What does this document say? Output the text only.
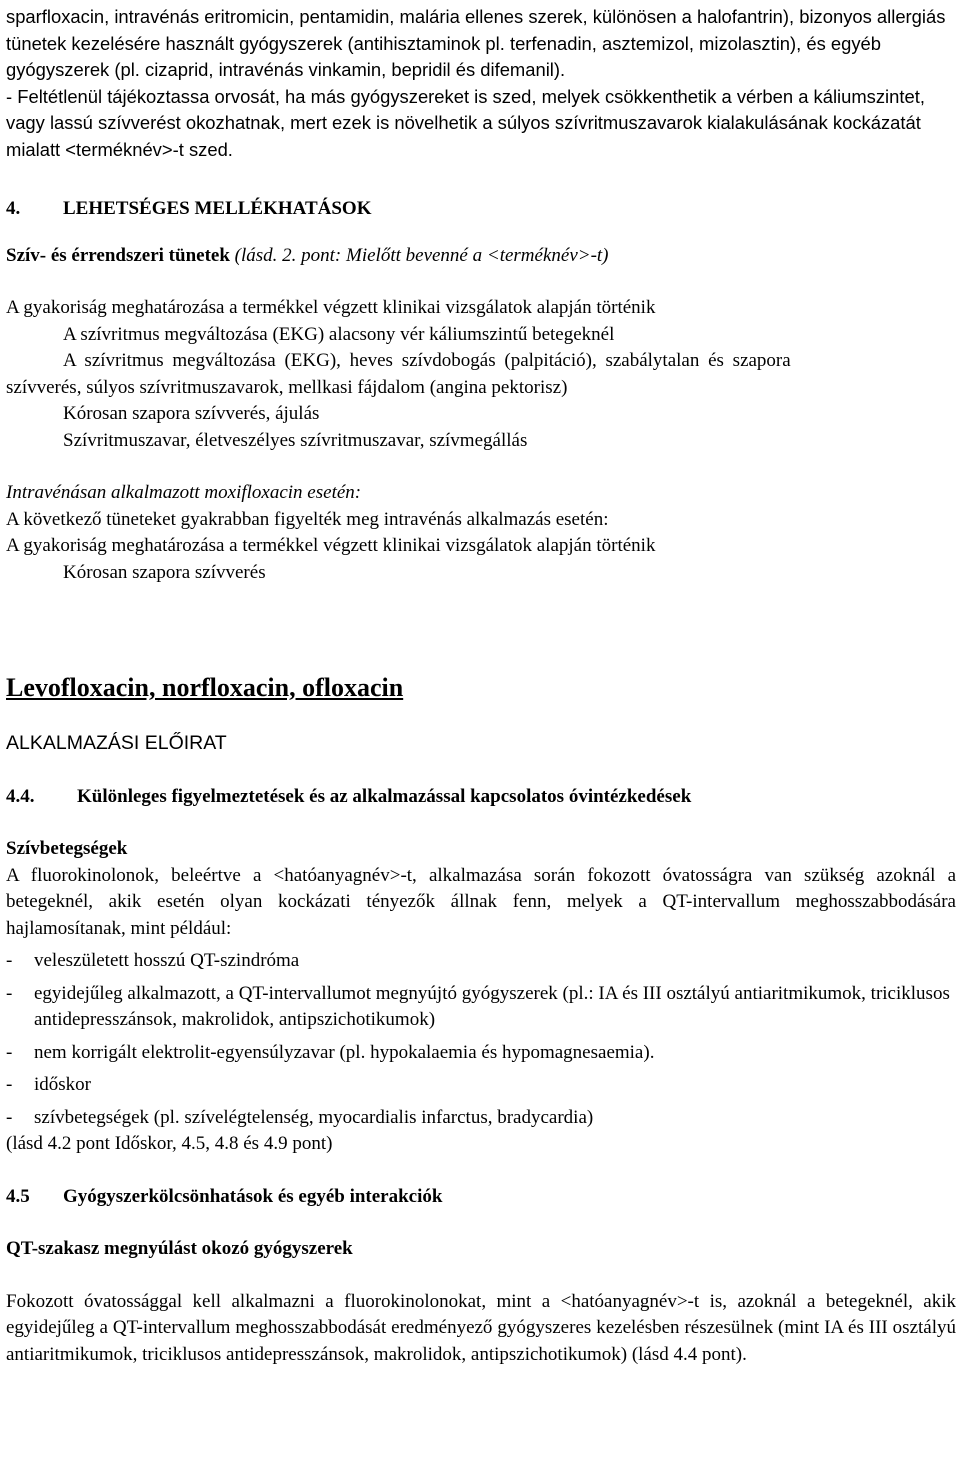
sparfloxacin, intravénás eritromicin, pentamidin, malária ellenes szerek, különösen a halofantrin), bizonyos allergiás tünetek kezelésére használt gyógyszerek (antihisztaminok pl. terfenadin, asztemizol, mizolasztin), és egyéb gyógyszerek (pl. cizaprid, intravénás vinkamin, bepridil és difemanil).

- Feltétlenül tájékoztassa orvosát, ha más gyógyszereket is szed, melyek csökkenthetik a vérben a káliumszintet, vagy lassú szívverést okozhatnak, mert ezek is növelhetik a súlyos szívritmuszavarok kialakulásának kockázatát mialatt <terméknév>-t szed.

4.	LEHETSÉGES MELLÉKHATÁSOK

Szív- és érrendszeri tünetek (lásd. 2. pont: Mielőtt bevenné a <terméknév>-t)

A gyakoriság meghatározása a termékkel végzett klinikai vizsgálatok alapján történik

A szívritmus megváltozása (EKG) alacsony vér káliumszintű betegeknél

A szívritmus megváltozása (EKG), heves szívdobogás (palpitáció), szabálytalan és szapora

szívverés, súlyos szívritmuszavarok, mellkasi fájdalom (angina pektorisz)

Kórosan szapora szívverés, ájulás

Szívritmuszavar, életveszélyes szívritmuszavar, szívmegállás

Intravénásan alkalmazott moxifloxacin esetén:

A következő tüneteket gyakrabban figyelték meg intravénás alkalmazás esetén:

A gyakoriság meghatározása a termékkel végzett klinikai vizsgálatok alapján történik

Kórosan szapora szívverés

Levofloxacin, norfloxacin, ofloxacin

ALKALMAZÁSI ELŐIRAT

4.4.	Különleges figyelmeztetések és az alkalmazással kapcsolatos óvintézkedések

Szívbetegségek

A fluorokinolonok, beleértve a <hatóanyagnév>-t, alkalmazása során fokozott óvatosságra van szükség azoknál a betegeknél, akik esetén olyan kockázati tényezők állnak fenn, melyek a QT-intervallum meghosszabbodására hajlamosítanak, mint például:

-	veleszületett hosszú QT-szindróma
-	egyidejűleg alkalmazott, a QT-intervallumot megnyújtó gyógyszerek (pl.: IA és III osztályú antiaritmikumok, triciklusos antidepresszánsok, makrolidok, antipszichotikumok)
-	nem korrigált elektrolit-egyensúlyzavar (pl. hypokalaemia és hypomagnesaemia).
-	időskor
-	szívbetegségek (pl. szívelégtelenség, myocardialis infarctus, bradycardia)

(lásd 4.2 pont Időskor, 4.5, 4.8 és 4.9 pont)

4.5	Gyógyszerkölcsönhatások és egyéb interakciók

QT-szakasz megnyúlást okozó gyógyszerek

Fokozott óvatossággal kell alkalmazni a fluorokinolonokat, mint a <hatóanyagnév>-t is, azoknál a betegeknél, akik egyidejűleg a QT-intervallum meghosszabbodását eredményező gyógyszeres kezelésben részesülnek (mint IA és III osztályú antiaritmikumok, triciklusos antidepresszánsok, makrolidok, antipszichotikumok) (lásd 4.4 pont).
